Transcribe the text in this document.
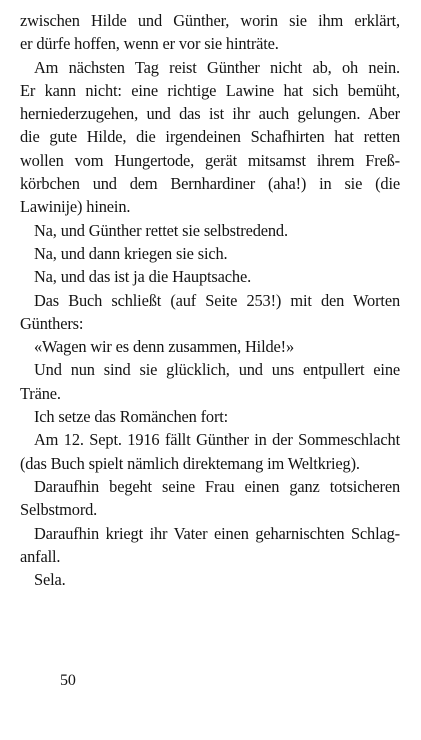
zwischen Hilde und Günther, worin sie ihm erklärt,
er dürfe hoffen, wenn er vor sie hinträte.
Am nächsten Tag reist Günther nicht ab, oh nein.
Er kann nicht: eine richtige Lawine hat sich bemüht,
herniederzugehen, und das ist ihr auch gelungen. Aber
die gute Hilde, die irgendeinen Schafhirten hat retten
wollen vom Hungertode, gerät mitsamst ihrem Freß-
körbchen und dem Bernhardiner (aha!) in sie (die
Lawinije) hinein.
Na, und Günther rettet sie selbstredend.
Na, und dann kriegen sie sich.
Na, und das ist ja die Hauptsache.
Das Buch schließt (auf Seite 253!) mit den Worten
Günthers:
«Wagen wir es denn zusammen, Hilde!»
Und nun sind sie glücklich, und uns entpullert eine
Träne.
Ich setze das Romänchen fort:
Am 12. Sept. 1916 fällt Günther in der Sommeschlacht
(das Buch spielt nämlich direktemang im Weltkrieg).
Daraufhin begeht seine Frau einen ganz totsicheren
Selbstmord.
Daraufhin kriegt ihr Vater einen geharnischten Schlag-
anfall.
Sela.
50
